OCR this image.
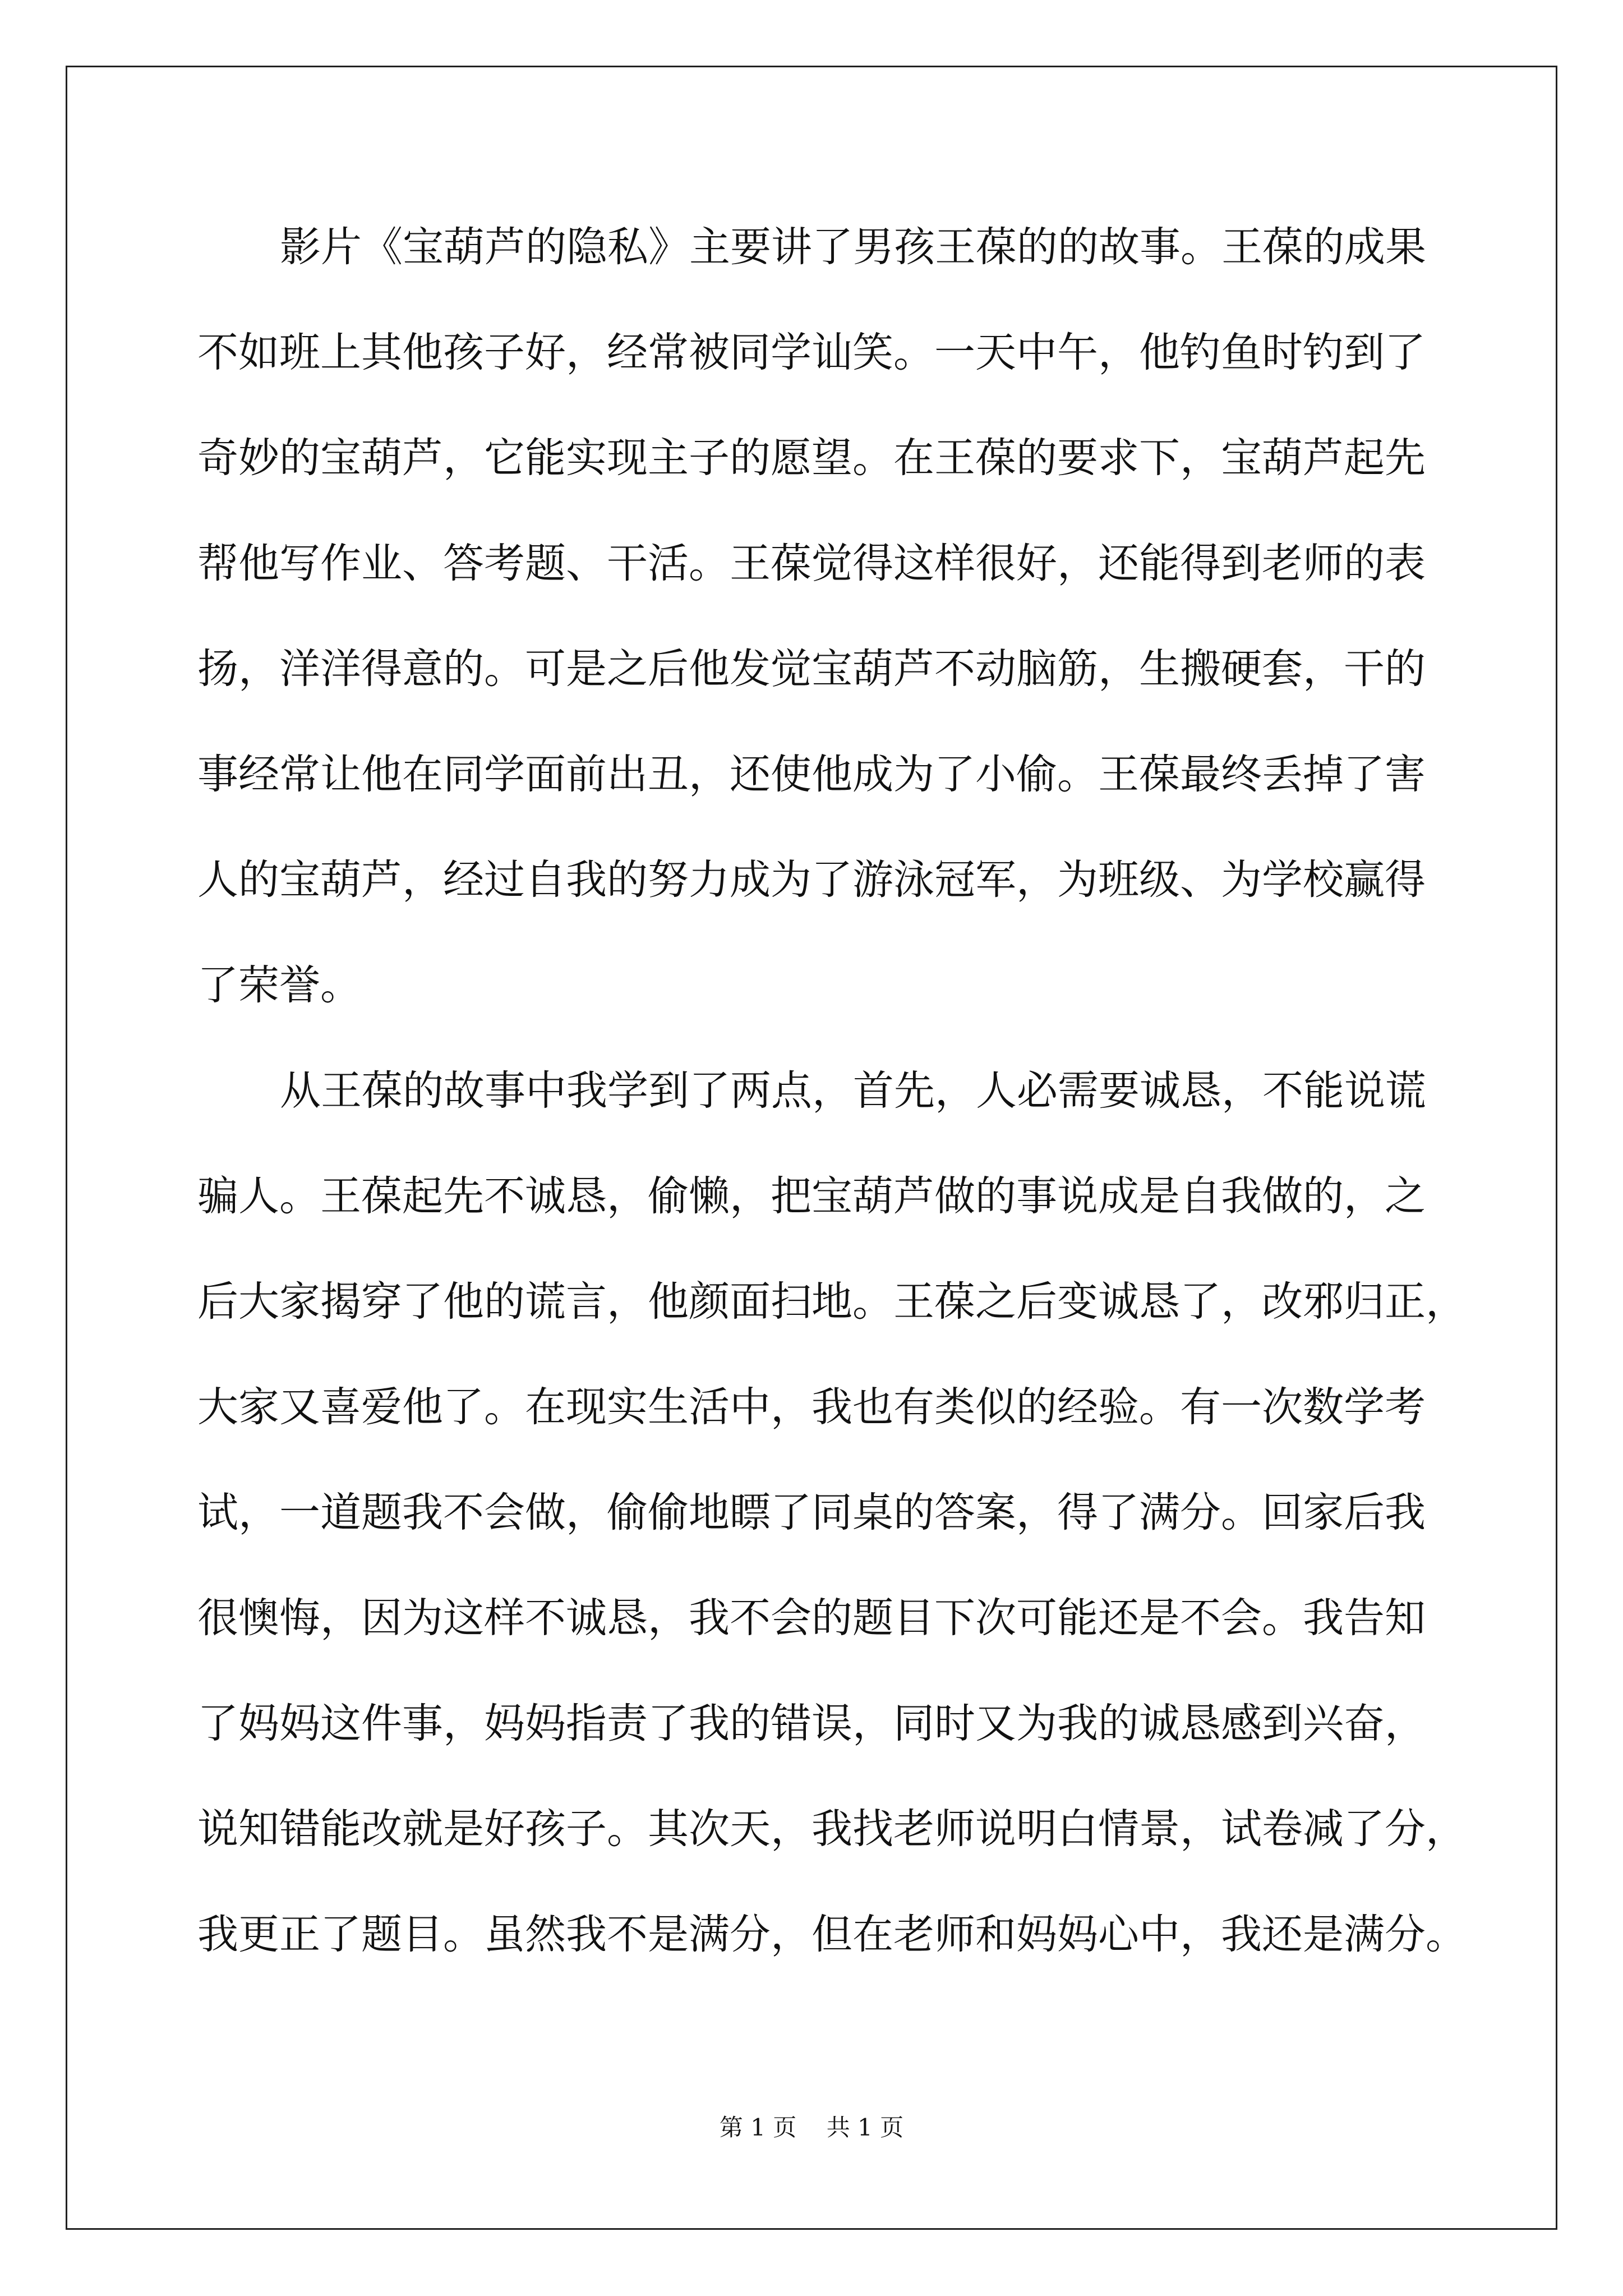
影片《宝葫芦的隐私》主要讲了男孩王葆的的故事。王葆的成果
不如班上其他孩子好，经常被同学讪笑。一天中午，他钓鱼时钓到了
奇妙的宝葫芦，它能实现主子的愿望。在王葆的要求下，宝葫芦起先
帮他写作业、答考题、干活。王葆觉得这样很好，还能得到老师的表
扬，洋洋得意的。可是之后他发觉宝葫芦不动脑筋，生搬硬套，干的
事经常让他在同学面前出丑，还使他成为了小偷。王葆最终丢掉了害
人的宝葫芦，经过自我的努力成为了游泳冠军，为班级、为学校赢得
了荣誉。
从王葆的故事中我学到了两点，首先，人必需要诚恳，不能说谎
骗人。王葆起先不诚恳，偷懒，把宝葫芦做的事说成是自我做的，之
后大家揭穿了他的谎言，他颜面扫地。王葆之后变诚恳了，改邪归正，
大家又喜爱他了。在现实生活中，我也有类似的经验。有一次数学考
试，一道题我不会做，偷偷地瞟了同桌的答案，得了满分。回家后我
很懊悔，因为这样不诚恳，我不会的题目下次可能还是不会。我告知
了妈妈这件事，妈妈指责了我的错误，同时又为我的诚恳感到兴奋，
说知错能改就是好孩子。其次天，我找老师说明白情景，试卷减了分，
我更正了题目。虽然我不是满分，但在老师和妈妈心中，我还是满分。
第 1 页    共 1 页
